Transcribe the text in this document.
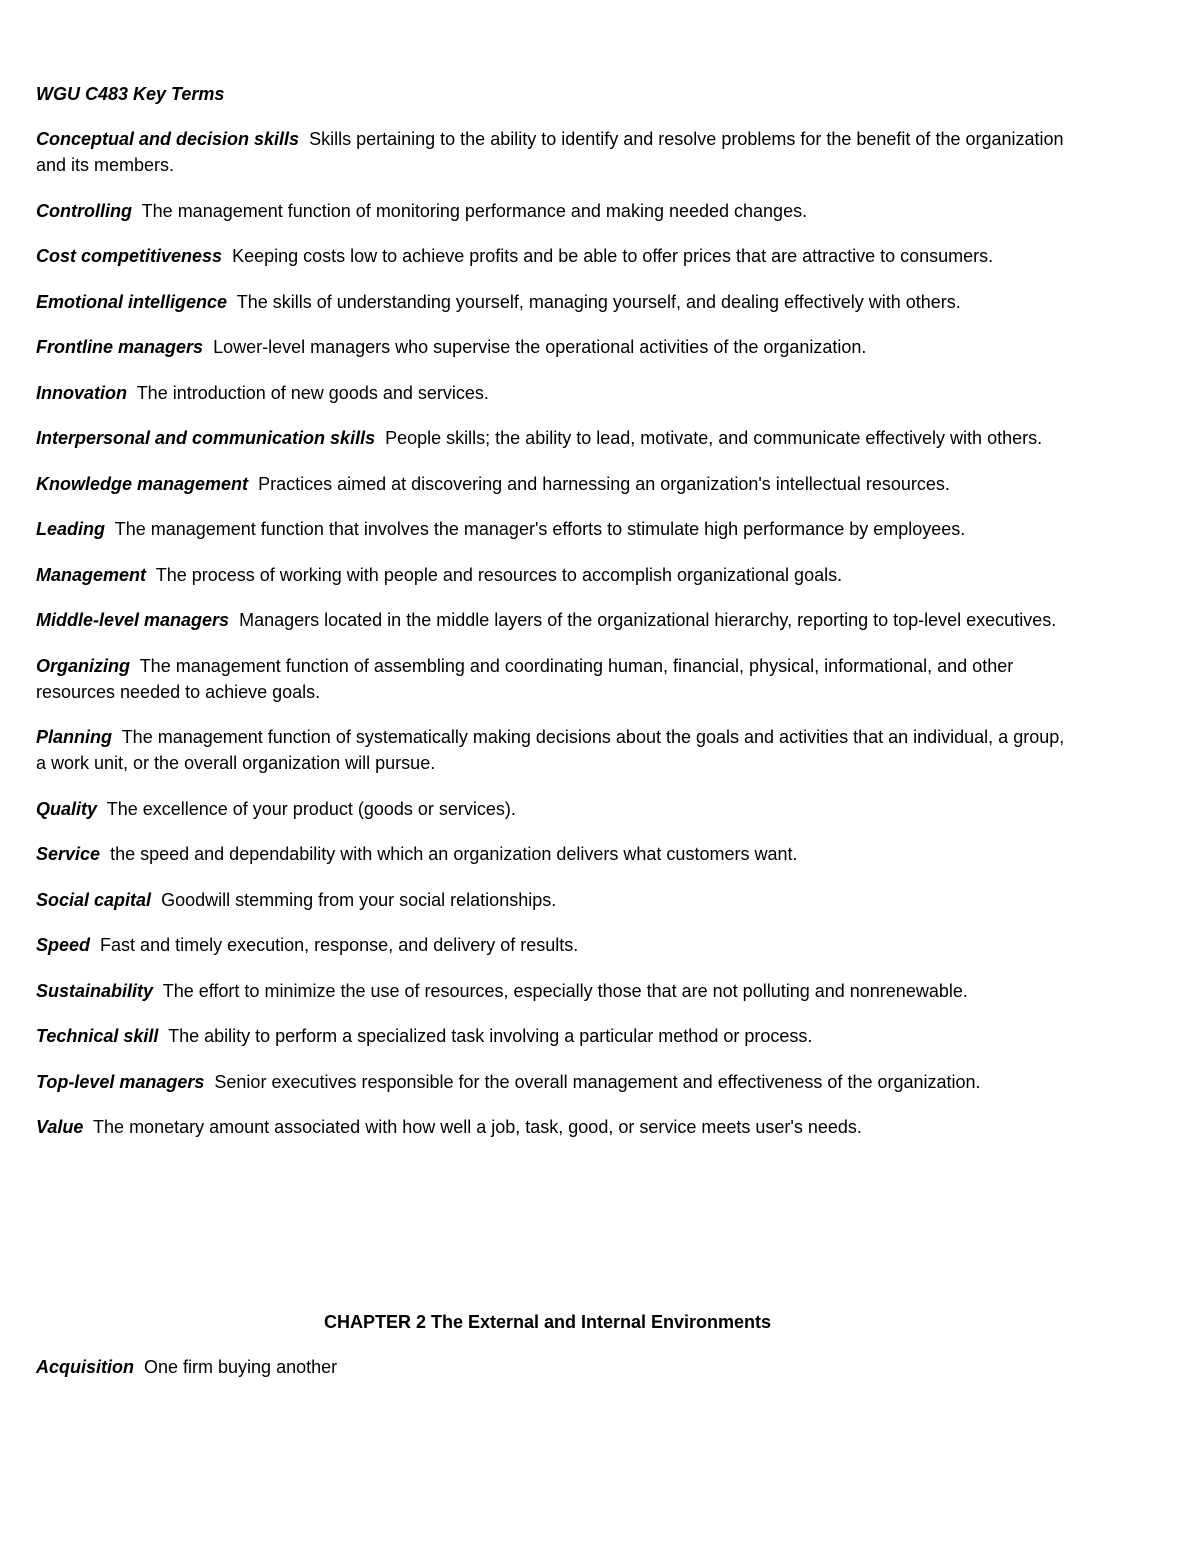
WGU C483 Key Terms

Conceptual and decision skills Skills pertaining to the ability to identify and resolve problems for the benefit of the organization and its members.
Controlling The management function of monitoring performance and making needed changes.
Cost competitiveness Keeping costs low to achieve profits and be able to offer prices that are attractive to consumers.
Emotional intelligence The skills of understanding yourself, managing yourself, and dealing effectively with others.
Frontline managers Lower-level managers who supervise the operational activities of the organization.
Innovation The introduction of new goods and services.
Interpersonal and communication skills People skills; the ability to lead, motivate, and communicate effectively with others.
Knowledge management Practices aimed at discovering and harnessing an organization's intellectual resources.
Leading The management function that involves the manager's efforts to stimulate high performance by employees.
Management The process of working with people and resources to accomplish organizational goals.
Middle-level managers Managers located in the middle layers of the organizational hierarchy, reporting to top-level executives.
Organizing The management function of assembling and coordinating human, financial, physical, informational, and other resources needed to achieve goals.
Planning The management function of systematically making decisions about the goals and activities that an individual, a group, a work unit, or the overall organization will pursue.
Quality The excellence of your product (goods or services).
Service the speed and dependability with which an organization delivers what customers want.
Social capital Goodwill stemming from your social relationships.
Speed Fast and timely execution, response, and delivery of results.
Sustainability The effort to minimize the use of resources, especially those that are not polluting and nonrenewable.
Technical skill The ability to perform a specialized task involving a particular method or process.
Top-level managers Senior executives responsible for the overall management and effectiveness of the organization.
Value The monetary amount associated with how well a job, task, good, or service meets user's needs.

CHAPTER 2 The External and Internal Environments

Acquisition One firm buying another
